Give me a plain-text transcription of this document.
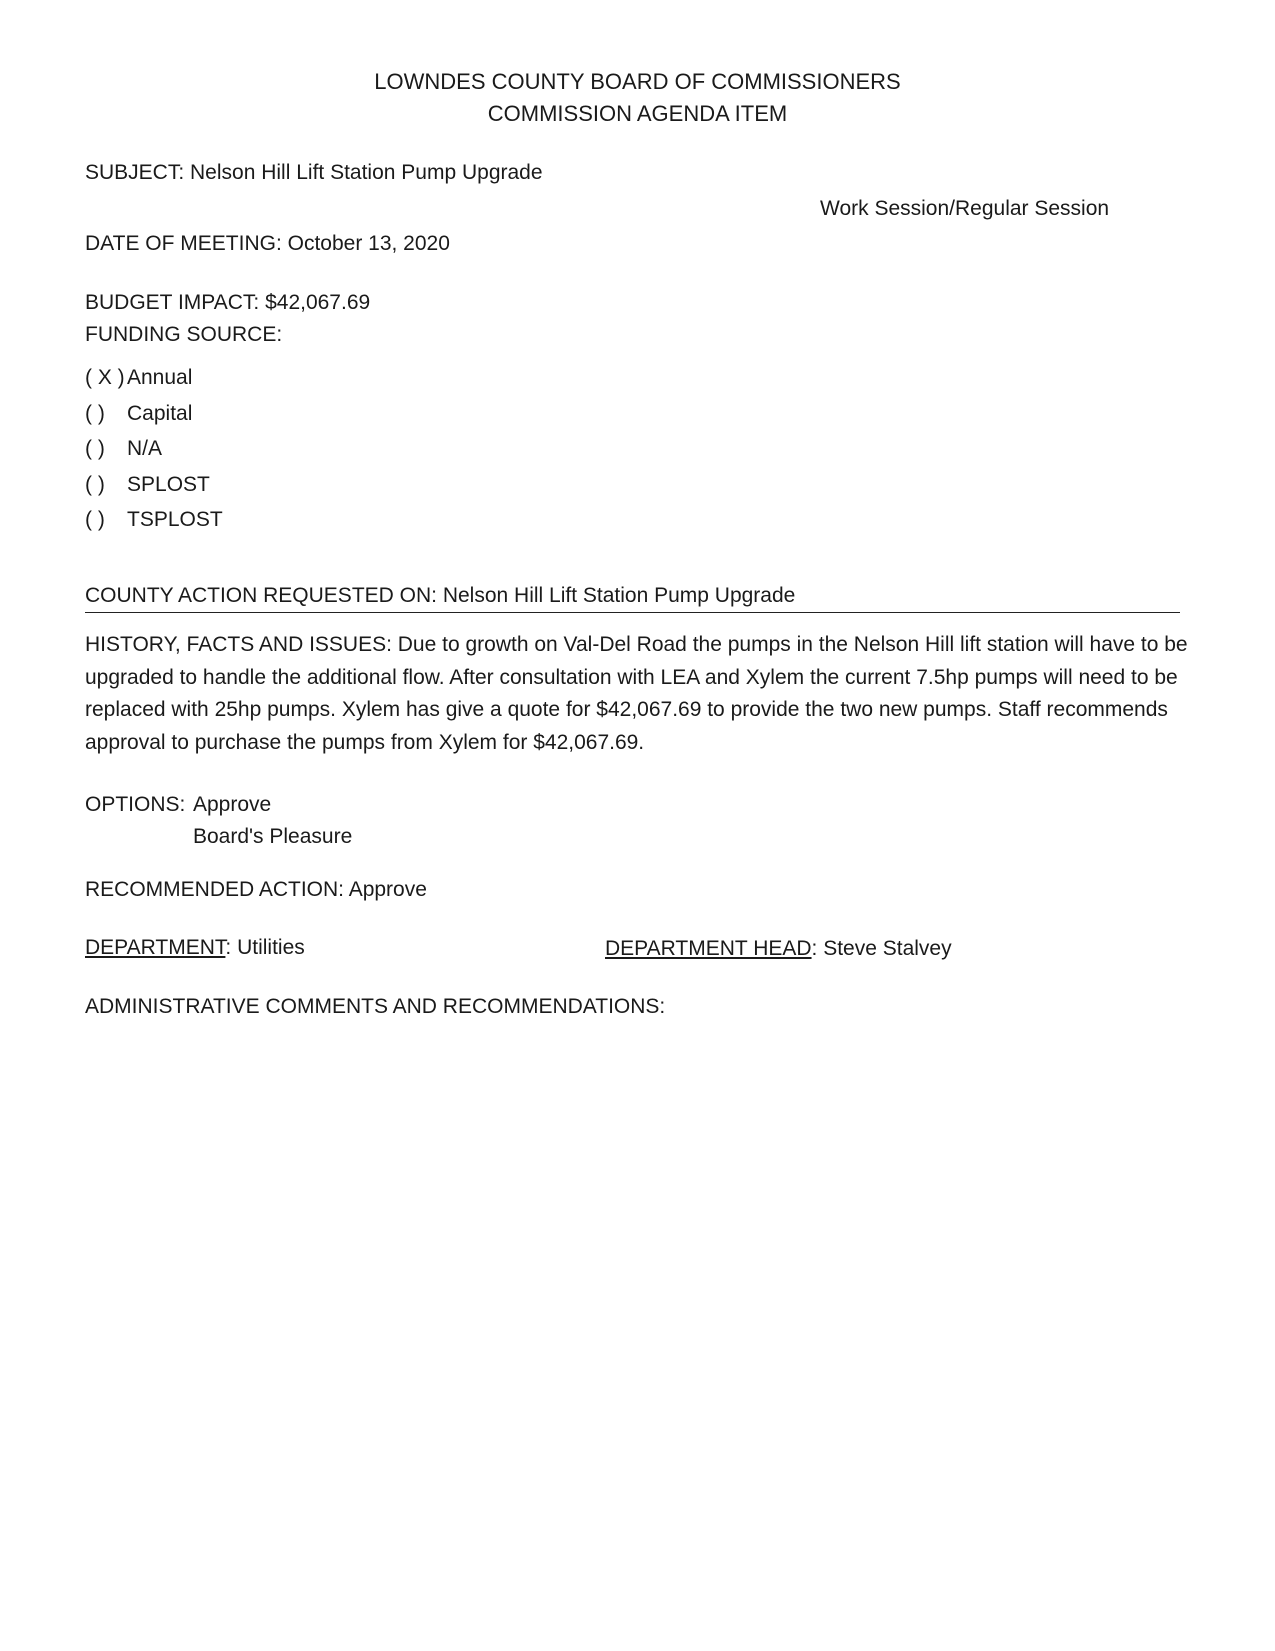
LOWNDES COUNTY BOARD OF COMMISSIONERS
COMMISSION AGENDA ITEM
SUBJECT: Nelson Hill Lift Station Pump Upgrade
Work Session/Regular Session
DATE OF MEETING: October 13, 2020
BUDGET IMPACT: $42,067.69
FUNDING SOURCE:
( X ) Annual
( ) Capital
( ) N/A
( ) SPLOST
( ) TSPLOST
COUNTY ACTION REQUESTED ON: Nelson Hill Lift Station Pump Upgrade
HISTORY, FACTS AND ISSUES: Due to growth on Val-Del Road the pumps in the Nelson Hill lift station will have to be upgraded to handle the additional flow. After consultation with LEA and Xylem the current 7.5hp pumps will need to be replaced with 25hp pumps. Xylem has give a quote for $42,067.69 to provide the two new pumps. Staff recommends approval to purchase the pumps from Xylem for $42,067.69.
OPTIONS: Approve
Board's Pleasure
RECOMMENDED ACTION: Approve
DEPARTMENT: Utilities	DEPARTMENT HEAD: Steve Stalvey
ADMINISTRATIVE COMMENTS AND RECOMMENDATIONS:
